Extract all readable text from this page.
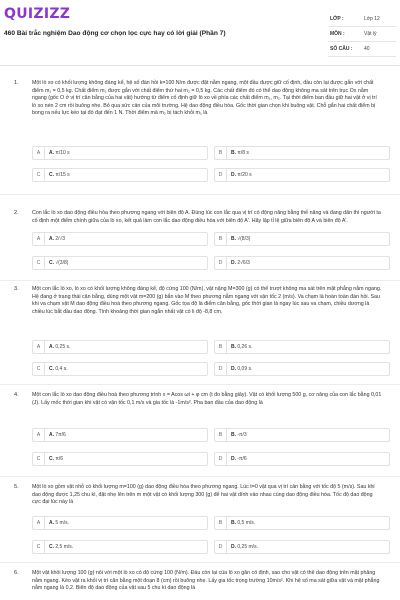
QUIZIZZ
460 Bài trắc nghiệm Dao động cơ chọn lọc cực hay có lời giải (Phần 7)
LỚP :	Lớp 12
MÔN :	Vật lý
SỐ CÂU : 40
1.	Một lò xo có khối lượng không đáng kể, hệ số đàn hồi k=100 N/m được đặt nằm ngang, một đầu được giữ cố định, đầu còn lại được gắn với chất điểm m₁ = 0,5 kg. Chất điểm m₁ được gắn với chất điểm thứ hai m₂ = 0,5 kg. Các chất điểm đó có thể dao động không ma sát trên trục Ox nằm ngang (gốc O ở vị trí cân bằng của hai vật) hướng từ điểm cố định giữ lò xo về phía các chất điểm m₁, m₂. Tại thời điểm ban đầu giữ hai vật ở vị trí lò xo nén 2 cm rồi buông nhẹ. Bỏ qua sức cản của môi trường. Hệ dao động điều hòa. Gốc thời gian chọn khi buông vật. Chỗ gắn hai chất điểm bị bong ra nếu lực kéo tại đó đạt đến 1 N. Thời điểm mà m₂ bị tách khỏi m₁ là
A	A. π/10 s	B	B. π/8 s
C	C. π/15 s	D	D. π/20 s
2.	Con lắc lò xo dao động điều hòa theo phương ngang với biên độ A. Đúng lúc con lắc qua vị trí có động năng bằng thế năng và đang dãn thì người ta cố định một điểm chính giữa của lò xo, kết quả làm con lắc dao động điều hòa với biên độ A'. Hãy lập tỉ lệ giữa biên độ A và biên độ A'.
A	A. 2/√3	B	B. √(8/3)
C	C. √(3/8)	D	D. 2√6/3
3.	Một con lắc lò xo, lò xo có khối lượng không đáng kể, độ cứng 100 (N/m), vật nặng M=300 (g) có thể trượt không ma sát trên mặt phẳng nằm ngang. Hệ đang ở trạng thái cân bằng, dùng một vật m=200 (g) bắn vào M theo phương nằm ngang với vận tốc 2 (m/s). Va chạm là hoàn toàn đàn hồi. Sau khi va chạm vật M dao động điều hoà theo phương ngang. Gốc tọa độ là điểm cân bằng, gốc thời gian là ngay lúc sau va chạm, chiều dương là chiều lúc bắt đầu dao động. Tính khoảng thời gian ngắn nhất vật có li độ -8,8 cm.
A	A. 0,25 s.	B	B. 0,26 s.
C	C. 0,4 s.	D	D. 0,09 s.
4.	Một con lắc lò xo dao động điều hoà theo phương trình x = Acos ωt + φ cm (t đo bằng giây). Vật có khối lượng 500 g, cơ năng của con lắc bằng 0,01 (J). Lấy mốc thời gian khi vật có vận tốc 0,1 m/s và gia tốc là -1m/s². Pha ban đầu của dao động là
A	A. 7π/6	B	B. -π/3
C	C. π/6	D	D. -π/6
5.	Một lò xo gồm vật nhỏ có khối lượng m=100 (g) dao động điều hòa theo phương ngang. Lúc t=0 vật qua vị trí cân bằng với tốc độ 5 (m/s). Sau khi dao động được 1,25 chu kì, đặt nhẹ lên trên m một vật có khối lượng 300 (g) để hai vật dính vào nhau cùng dao động điều hòa. Tốc độ dao động cực đại lúc này là
A	A. 5 m/s.	B	B. 0,5 m/s.
C	C. 2,5 m/s.	D	D. 0,25 m/s.
6.	Một vật khối lượng 100 (g) nối với một lò xo có độ cứng 100 (N/m). Đầu còn lại của lò xo gắn cố định, sao cho vật có thể dao động trên mặt phẳng nằm ngang. Kéo vật ra khỏi vị trí cân bằng một đoạn 8 (cm) rồi buông nhẹ. Lấy gia tốc trọng trường 10m/s². Khi hệ số ma sát giữa vật và mặt phẳng nằm ngang là 0,2. Biên độ dao động của vật sau 5 chu kì dao động là
